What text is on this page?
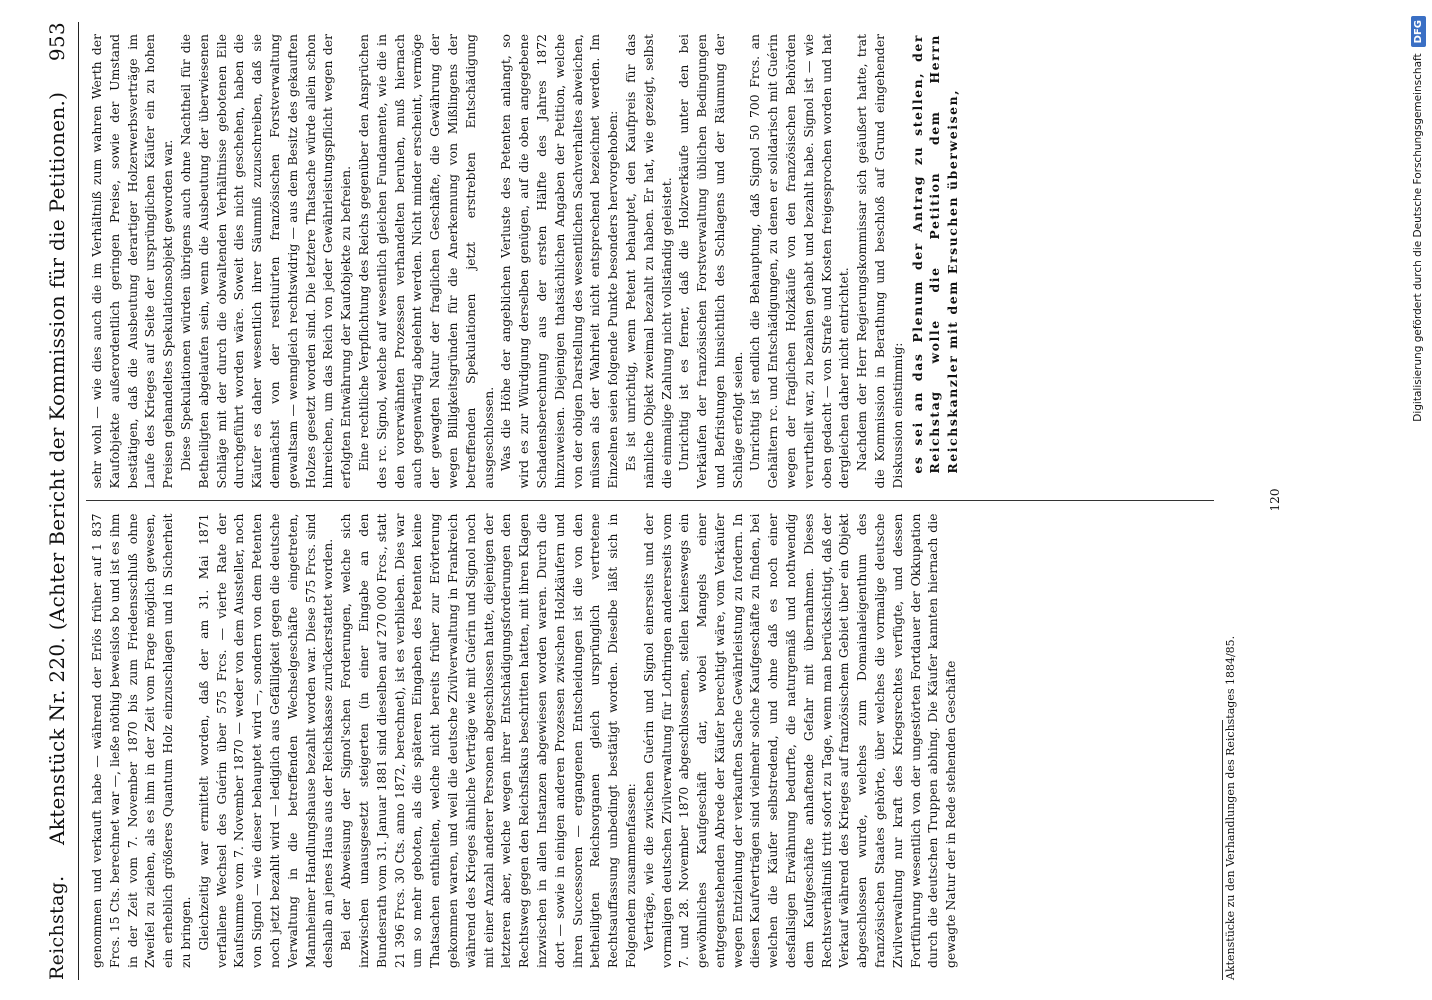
Reichstag.
Aktenstück Nr. 220. (Achter Bericht der Kommission für die Petitionen.)
953

genommen und verkauft habe — während der Erlös früher auf 1 837 Frcs. 15 Cts. berechnet war —, ließe nöthig beweislos bo und ist es ihm in der Zeit vom 7. November 1870 bis zum Friedensschluß ohne Zweifel zu ziehen, als es ihm in der Zeit vom Frage möglich gewesen, ein erheblich größeres Quantum Holz einzuschlagen und in Sicherheit zu bringen. Gleichzeitig war ermittelt worden, daß der am 31. Mai 1871 verfallene Wechsel des Guérin über 575 Frcs. — vierte Rate der Kaufsumme vom 7. November 1870 — weder von dem Aussteller, noch von Signol — wie dieser behauptet wird —, sondern von dem Petenten noch jetzt bezahlt wird — lediglich aus Gefälligkeit gegen die deutsche Verwaltung in die betreffenden Wechselgeschäfte eingetreten, Mannheimer Handlungshause bezahlt worden war. Diese 575 Frcs. sind deshalb an jenes Haus aus der Reichskasse zurückerstattet worden. Bei der Abweisung der Signol'schen Forderungen, welche sich inzwischen unausgesetzt steigerten (in einer Eingabe an den Bundesrath vom 31. Januar 1881 sind dieselben auf 270 000 Frcs., statt 21 396 Frcs. 30 Cts. anno 1872, berechnet), ist es verblieben. Dies war um so mehr geboten, als die späteren Eingaben des Petenten keine Thatsachen enthielten, welche nicht bereits früher zur Erörterung gekommen waren, und weil die deutsche Zivilverwaltung in Frankreich während des Krieges ähnliche Verträge wie mit Guérin und Signol noch mit einer Anzahl anderer Personen abgeschlossen hatte, diejenigen der letzteren aber, welche wegen ihrer Entschädigungsforderungen den Rechtsweg gegen den Reichsfiskus beschritten hatten, mit ihren Klagen inzwischen in allen Instanzen abgewiesen worden waren. Durch die dort — sowie in einigen anderen Prozessen zwischen Holzkäufern und ihren Successoren — ergangenen Entscheidungen ist die von den betheiligten Reichsorganen gleich ursprünglich vertretene Rechtsauffassung unbedingt bestätigt worden. Dieselbe läßt sich in Folgendem zusammenfassen: Verträge, wie die zwischen Guérin und Signol einerseits und der vormaligen deutschen Zivilverwaltung für Lothringen andererseits vom 7. und 28. November 1870 abgeschlossenen, stellen keineswegs ein gewöhnliches Kaufgeschäft dar, wobei Mangels einer entgegenstehenden Abrede der Käufer berechtigt wäre, vom Verkäufer wegen Entziehung der verkauften Sache Gewährleistung zu fordern. In diesen Kaufverträgen sind vielmehr solche Kaufgeschäfte zu finden, bei welchen die Käufer selbstredend, und ohne daß es noch einer desfallsigen Erwähnung bedurfte, die naturgemäß und nothwendig dem Kaufgeschäfte anhaftende Gefahr mit übernahmen. Dieses Rechtsverhältniß tritt sofort zu Tage, wenn man berücksichtigt, daß der Verkauf während des Krieges auf französischem Gebiet über ein Objekt abgeschlossen wurde, welches zum Domainaleigenthum des französischen Staates gehörte, über welches die vormalige deutsche Zivilverwaltung nur kraft des Kriegsrechtes verfügte, und dessen Fortführung wesentlich von der ungestörten Fortdauer der Okkupation durch die deutschen Truppen abhing. Die Käufer kannten hiernach die gewagte Natur der in Rede stehenden Geschäfte

sehr wohl — wie dies auch die im Verhältniß zum wahren Werth der Kaufobjekte außerordentlich geringen Preise, sowie der Umstand bestätigen, daß die Ausbeutung derartiger Holzerwerbsverträge im Laufe des Krieges auf Seite der ursprünglichen Käufer ein zu hohen Preisen gehandeltes Spekulationsobjekt geworden war. Diese Spekulationen würden übrigens auch ohne Nachtheil für die Betheiligten abgelaufen sein, wenn die Ausbeutung der überwiesenen Schläge mit der durch die obwaltenden Verhältnisse gebotenen Eile durchgeführt worden wäre. Soweit dies nicht geschehen, haben die Käufer es daher wesentlich ihrer Säumniß zuzuschreiben, daß sie demnächst von der restituirten französischen Forstverwaltung gewaltsam — wenngleich rechtswidrig — aus dem Besitz des gekauften Holzes gesetzt worden sind. Die letztere Thatsache würde allein schon hinreichen, um das Reich von jeder Gewährleistungspflicht wegen der erfolgten Entwährung der Kaufobjekte zu befreien. Eine rechtliche Verpflichtung des Reichs gegenüber den Ansprüchen des rc. Signol, welche auf wesentlich gleichen Fundamente, wie die in den vorerwähnten Prozessen verhandelten beruhen, muß hiernach auch gegenwärtig abgelehnt werden. Nicht minder erscheint, vermöge der gewagten Natur der fraglichen Geschäfte, die Gewährung der wegen Billigkeitsgründen für die Anerkennung von Mißlingens der betreffenden Spekulationen jetzt erstrebten Entschädigung ausgeschlossen. Was die Höhe der angeblichen Verluste des Petenten anlangt, so wird es zur Würdigung derselben genügen, auf die oben angegebene Schadensberechnung aus der ersten Hälfte des Jahres 1872 hinzuweisen. Diejenigen thatsächlichen Angaben der Petition, welche von der obigen Darstellung des wesentlichen Sachverhaltes abweichen, müssen als der Wahrheit nicht entsprechend bezeichnet werden. Im Einzelnen seien folgende Punkte besonders hervorgehoben: Es ist unrichtig, wenn Petent behauptet, den Kaufpreis für das nämliche Objekt zweimal bezahlt zu haben. Er hat, wie gezeigt, selbst die einmalige Zahlung nicht vollständig geleistet. Unrichtig ist es ferner, daß die Holzverkäufe unter den bei Verkäufen der französischen Forstverwaltung üblichen Bedingungen und Befristungen hinsichtlich des Schlagens und der Räumung der Schläge erfolgt seien. Unrichtig ist endlich die Behauptung, daß Signol 50 700 Frcs. an Gehältern rc. und Entschädigungen, zu denen er solidarisch mit Guérin wegen der fraglichen Holzkäufe von den französischen Behörden verurtheilt war, zu bezahlen gehabt und bezahlt habe. Signol ist — wie oben gedacht — von Strafe und Kosten freigesprochen worden und hat dergleichen daher nicht entrichtet. Nachdem der Herr Regierungskommissar sich geäußert hatte, trat die Kommission in Berathung und beschloß auf Grund eingehender Diskussion einstimmig: es sei an das Plenum der Antrag zu stellen, der Reichstag wolle die Petition dem Herrn Reichskanzler mit dem Ersuchen überweisen,
Aktenstücke zu den Verhandlungen des Reichstages 1884/85.
120
Digitalisierung gefördert durch die Deutsche Forschungsgemeinschaft
DFG
